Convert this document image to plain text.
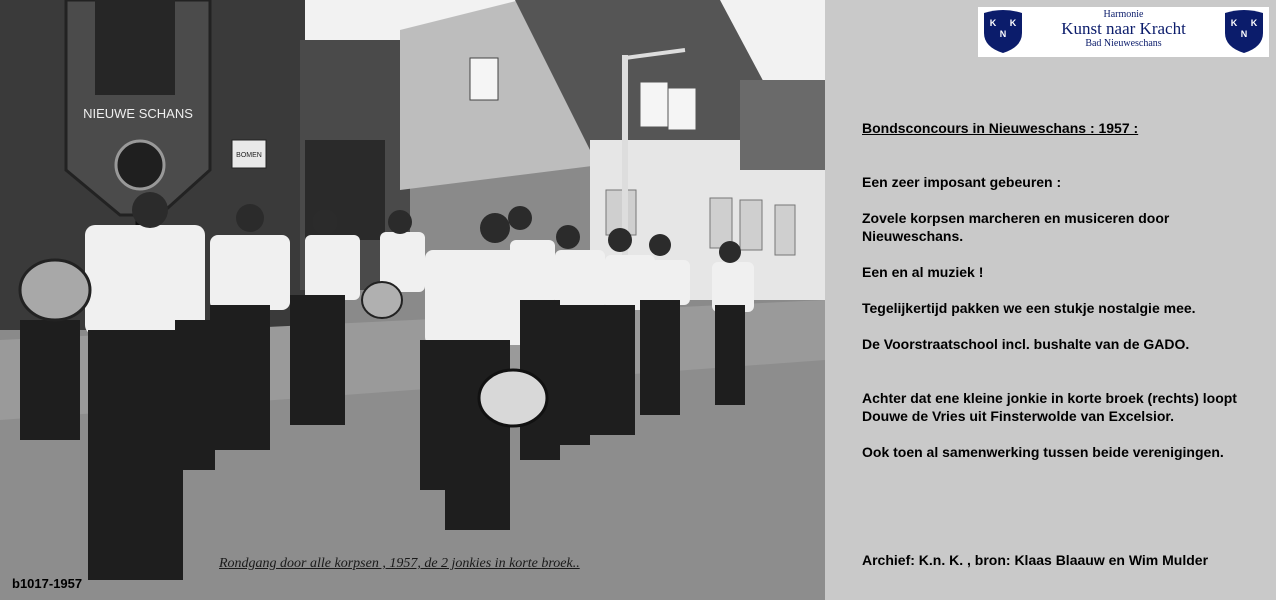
NIEUWE SCHANS
BOMEN
Rondgang door alle korpsen , 1957, de 2 jonkies in korte broek..
b1017-1957
K K
N
Harmonie
Kunst naar Kracht
Bad Nieuweschans
K K
N

Bondsconcours in Nieuweschans : 1957 :

Een zeer imposant gebeuren :

Zovele korpsen marcheren en musiceren door Nieuweschans.

Een en al muziek !

Tegelijkertijd pakken we een stukje nostalgie mee.

De Voorstraatschool incl. bushalte van de GADO.

Achter dat ene kleine jonkie in korte broek (rechts) loopt Douwe de Vries uit Finsterwolde van Excelsior.

Ook toen al samenwerking tussen beide verenigingen.

Archief: K.n. K. , bron: Klaas Blaauw en Wim Mulder
